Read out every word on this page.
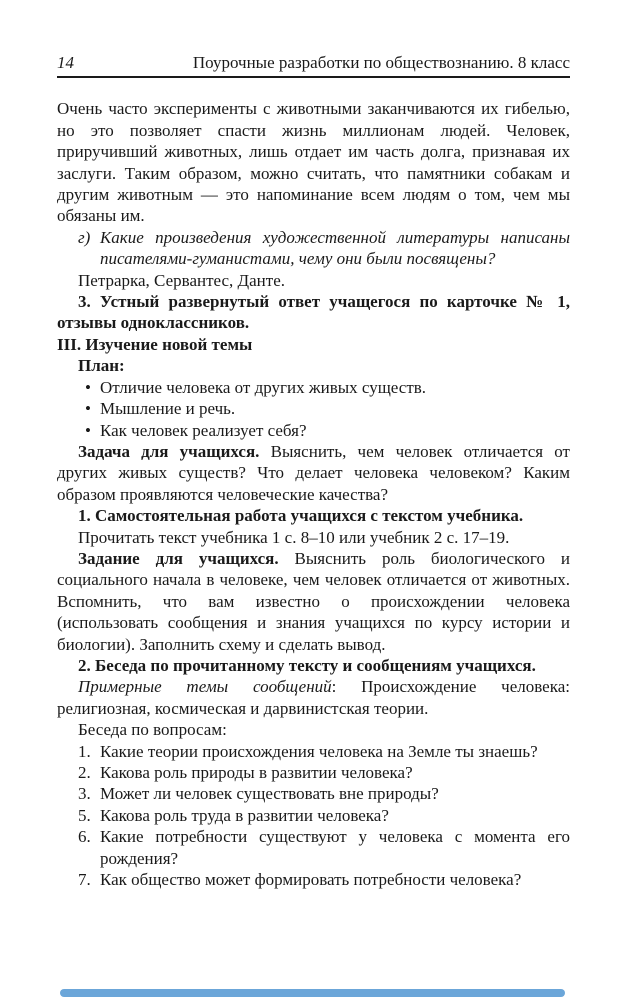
14	Поурочные разработки по обществознанию. 8 класс

Очень часто эксперименты с животными заканчиваются их гибелью, но это позволяет спасти жизнь миллионам людей. Человек, приручивший животных, лишь отдает им часть долга, признавая их заслуги. Таким образом, можно считать, что памятники собакам и другим животным — это напоминание всем людям о том, чем мы обязаны им.

г) Какие произведения художественной литературы написаны писателями-гуманистами, чему они были посвящены?

Петрарка, Сервантес, Данте.

3. Устный развернутый ответ учащегося по карточке № 1, отзывы одноклассников.

III. Изучение новой темы

План:

• Отличие человека от других живых существ.
• Мышление и речь.
• Как человек реализует себя?

Задача для учащихся. Выяснить, чем человек отличается от других живых существ? Что делает человека человеком? Каким образом проявляются человеческие качества?

1. Самостоятельная работа учащихся с текстом учебника.

Прочитать текст учебника 1 с. 8–10 или учебник 2 с. 17–19.

Задание для учащихся. Выяснить роль биологического и социального начала в человеке, чем человек отличается от животных. Вспомнить, что вам известно о происхождении человека (использовать сообщения и знания учащихся по курсу истории и биологии). Заполнить схему и сделать вывод.

2. Беседа по прочитанному тексту и сообщениям учащихся.

Примерные темы сообщений: Происхождение человека: религиозная, космическая и дарвинистская теории.

Беседа по вопросам:

1. Какие теории происхождения человека на Земле ты знаешь?
2. Какова роль природы в развитии человека?
3. Может ли человек существовать вне природы?
5. Какова роль труда в развитии человека?
6. Какие потребности существуют у человека с момента его рождения?
7. Как общество может формировать потребности человека?
